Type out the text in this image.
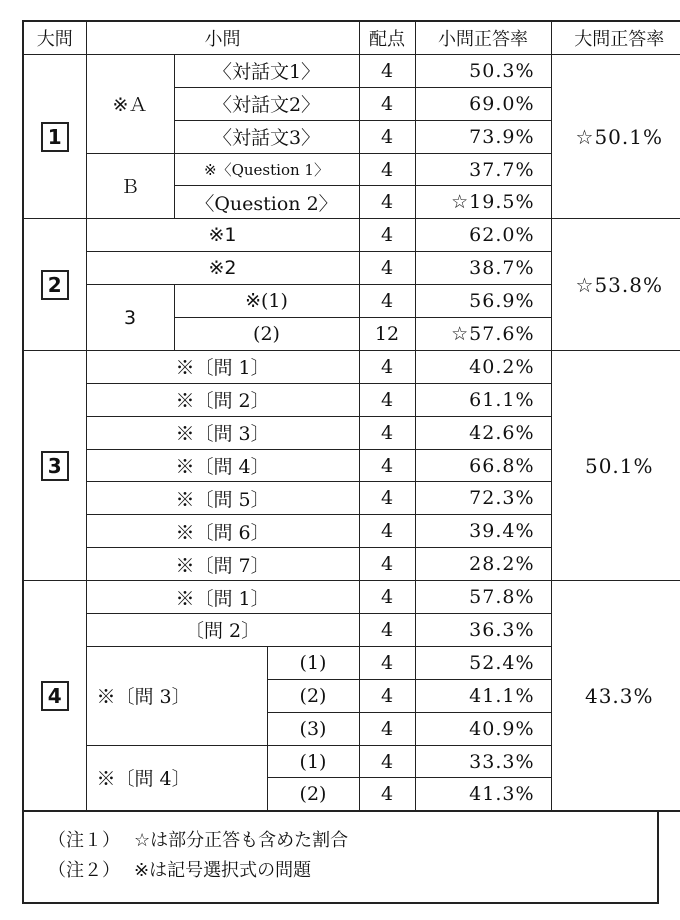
大問	小問			配点	小問正答率	大問正答率
1	※Ａ	〈対話文1〉		4	50.3%	☆50.1%
		〈対話文2〉		4	69.0%	
		〈対話文3〉		4	73.9%	
	Ｂ	※〈Question 1〉		4	37.7%	
		〈Question 2〉		4	☆19.5%	
2	※1			4	62.0%	☆53.8%
	※2			4	38.7%	
	3	※(1)		4	56.9%	
		(2)		12	☆57.6%	
3	※〔問 1〕			4	40.2%	50.1%
	※〔問 2〕			4	61.1%	
	※〔問 3〕			4	42.6%	
	※〔問 4〕			4	66.8%	
	※〔問 5〕			4	72.3%	
	※〔問 6〕			4	39.4%	
	※〔問 7〕			4	28.2%	
4	※〔問 1〕			4	57.8%	43.3%
	〔問 2〕			4	36.3%	
	※〔問 3〕		(1)	4	52.4%	
			(2)	4	41.1%	
			(3)	4	40.9%	
	※〔問 4〕		(1)	4	33.3%	
			(2)	4	41.3%	
（注１） ☆は部分正答も含めた割合
（注２） ※は記号選択式の問題
